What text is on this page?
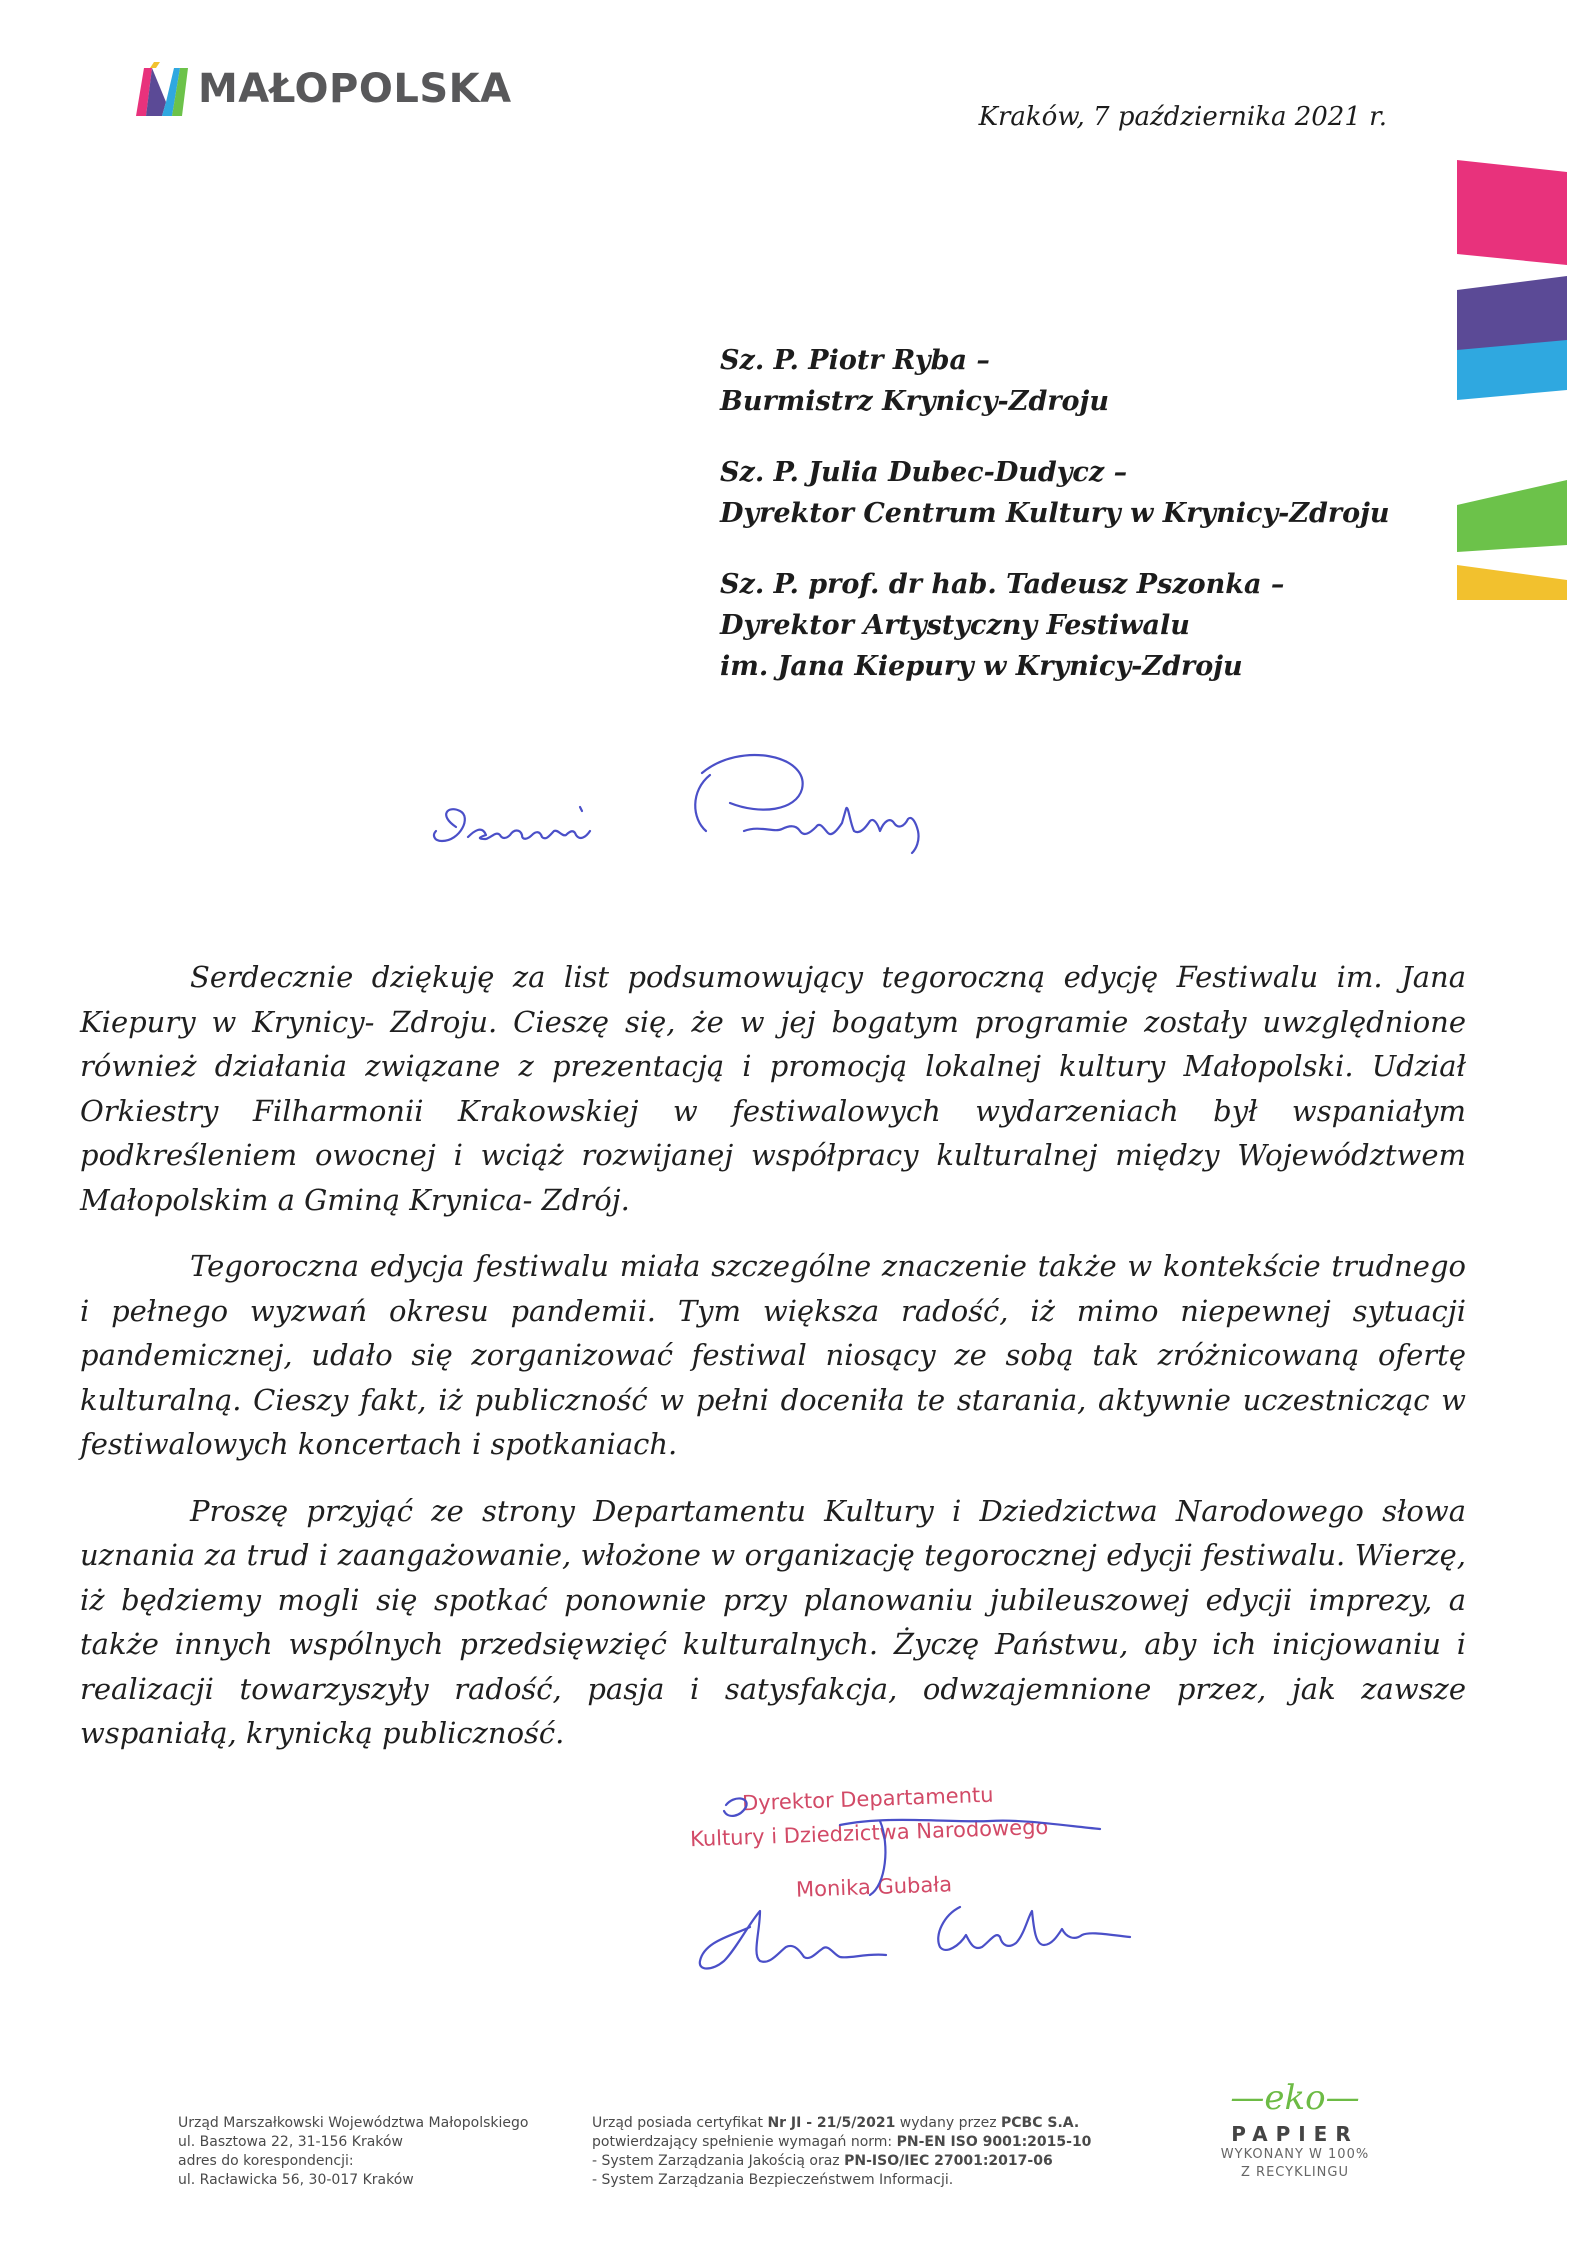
MAŁOPOLSKA
Kraków, 7 października 2021 r.
Sz. P. Piotr Ryba –
Burmistrz Krynicy-Zdroju
Sz. P. Julia Dubec-Dudycz –
Dyrektor Centrum Kultury w Krynicy-Zdroju
Sz. P. prof. dr hab. Tadeusz Pszonka –
Dyrektor Artystyczny Festiwalu
im. Jana Kiepury w Krynicy-Zdroju

Serdecznie dziękuję za list podsumowujący tegoroczną edycję Festiwalu im. Jana Kiepury w Krynicy- Zdroju. Cieszę się, że w jej bogatym programie zostały uwzględnione również działania związane z prezentacją i promocją lokalnej kultury Małopolski. Udział Orkiestry Filharmonii Krakowskiej w festiwalowych wydarzeniach był wspaniałym podkreśleniem owocnej i wciąż rozwijanej współpracy kulturalnej między Województwem Małopolskim a Gminą Krynica- Zdrój.

Tegoroczna edycja festiwalu miała szczególne znaczenie także w kontekście trudnego i pełnego wyzwań okresu pandemii. Tym większa radość, iż mimo niepewnej sytuacji pandemicznej, udało się zorganizować festiwal niosący ze sobą tak zróżnicowaną ofertę kulturalną. Cieszy fakt, iż publiczność w pełni doceniła te starania, aktywnie uczestnicząc w festiwalowych koncertach i spotkaniach.

Proszę przyjąć ze strony Departamentu Kultury i Dziedzictwa Narodowego słowa uznania za trud i zaangażowanie, włożone w organizację tegorocznej edycji festiwalu. Wierzę, iż będziemy mogli się spotkać ponownie przy planowaniu jubileuszowej edycji imprezy, a także innych wspólnych przedsięwzięć kulturalnych. Życzę Państwu, aby ich inicjowaniu i realizacji towarzyszyły radość, pasja i satysfakcja, odwzajemnione przez, jak zawsze wspaniałą, krynicką publiczność.

Dyrektor Departamentu
Kultury i Dziedzictwa Narodowego
Monika Gubała
Urząd Marszałkowski Województwa Małopolskiego
ul. Basztowa 22, 31-156 Kraków
adres do korespondencji:
ul. Racławicka 56, 30-017 Kraków
Urząd posiada certyfikat Nr JI - 21/5/2021 wydany przez PCBC S.A.
potwierdzający spełnienie wymagań norm: PN-EN ISO 9001:2015-10
- System Zarządzania Jakością oraz PN-ISO/IEC 27001:2017-06
- System Zarządzania Bezpieczeństwem Informacji.
—eko—
PAPIER
WYKONANY W 100%
Z RECYKLINGU
